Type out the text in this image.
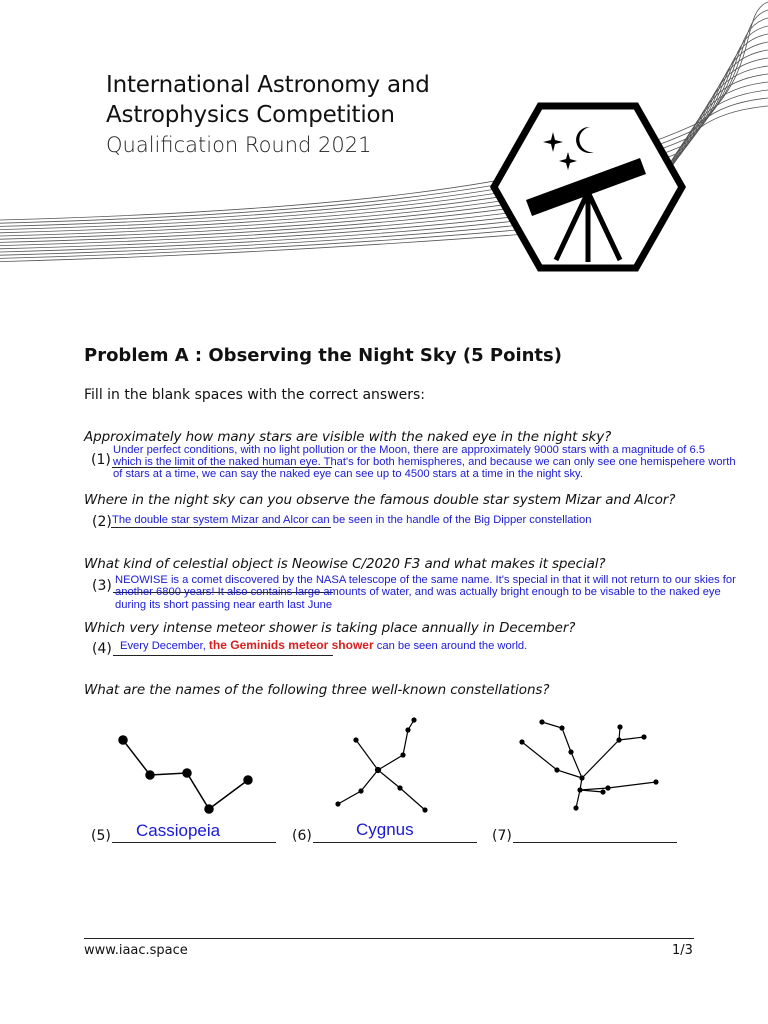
International Astronomy and
Astrophysics Competition
Qualification Round 2021
Problem A : Observing the Night Sky (5 Points)
Fill in the blank spaces with the correct answers:
Approximately how many stars are visible with the naked eye in the night sky?
(1)
Under perfect conditions, with no light pollution or the Moon, there are approximately 9000 stars with a magnitude of 6.5
which is the limit of the naked human eye. That's for both hemispheres, and because we can only see one hemispehere worth
of stars at a time, we can say the naked eye can see up to 4500 stars at a time in the night sky.
Where in the night sky can you observe the famous double star system Mizar and Alcor?
(2) The double star system Mizar and Alcor can be seen in the handle of the Big Dipper constellation
What kind of celestial object is Neowise C/2020 F3 and what makes it special?
(3) NEOWISE is a comet discovered by the NASA telescope of the same name. It's special in that it will not return to our skies for
another 6800 years! It also contains large amounts of water, and was actually bright enough to be visable to the naked eye
during its short passing near earth last June
Which very intense meteor shower is taking place annually in December?
(4) Every December, the Geminids meteor shower can be seen around the world.
What are the names of the following three well-known constellations?
(5) Cassiopeia	(6)	Cygnus	(7)
www.iaac.space	1/3
